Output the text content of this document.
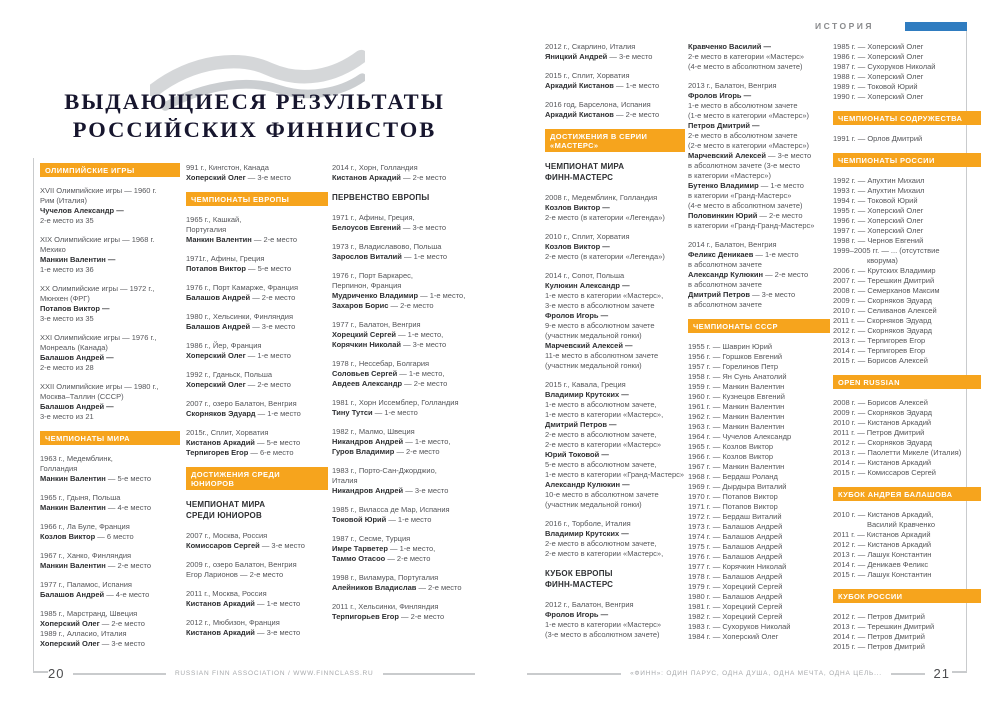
ИСТОРИЯ
ВЫДАЮЩИЕСЯ РЕЗУЛЬТАТЫ
РОССИЙСКИХ ФИННИСТОВ
ОЛИМПИЙСКИЕ ИГРЫ
XVII Олимпийские игры — 1960 г.
Рим (Италия)
Чучелов Александр —
2-е место из 35
XIX Олимпийские игры — 1968 г.
Мехико
Манкин Валентин —
1-е место из 36
XX Олимпийские игры — 1972 г.,
Мюнхен (ФРГ)
Потапов Виктор —
3-е место из 35
XXI Олимпийские игры — 1976 г.,
Монреаль (Канада)
Балашов Андрей —
2-е место из 28
XXII Олимпийские игры — 1980 г.,
Москва–Таллин (СССР)
Балашов Андрей —
3-е место из 21
ЧЕМПИОНАТЫ МИРА
1963 г., Медемблинк,
Голландия
Манкин Валентин — 5-е место
1965 г., Гдыня, Польша
Манкин Валентин — 4-е место
1966 г., Ла Буле, Франция
Козлов Виктор — 6 место
1967 г., Ханко, Финляндия
Манкин Валентин — 2-е место
1977 г., Паламос, Испания
Балашов Андрей — 4-е место
1985 г., Марстранд, Швеция
Хоперский Олег — 2-е место
1989 г., Алласио, Италия
Хоперский Олег — 3-е место
991 г., Кингстон, Канада
Хоперский Олег — 3-е место
ЧЕМПИОНАТЫ ЕВРОПЫ
1965 г., Кашкай,
Португалия
Манкин Валентин — 2-е место
1971г., Афины, Греция
Потапов Виктор — 5-е место
1976 г., Порт Камарже, Франция
Балашов Андрей — 2-е место
1980 г., Хельсинки, Финляндия
Балашов Андрей — 3-е место
1986 г., Йер, Франция
Хоперский Олег — 1-е место
1992 г., Гданьск, Польша
Хоперский Олег — 2-е место
2007 г., озеро Балатон, Венгрия
Скорняков Эдуард — 1-е место
2015г., Сплит, Хорватия
Кистанов Аркадий — 5-е место
Терпигорев Егор — 6-е место
ДОСТИЖЕНИЯ СРЕДИ ЮНИОРОВ
ЧЕМПИОНАТ МИРА
СРЕДИ ЮНИОРОВ
2007 г., Москва, Россия
Комиссаров Сергей — 3-е место
2009 г., озеро Балатон, Венгрия
Егор Ларионов — 2-е место
2011 г., Москва, Россия
Кистанов Аркадий — 1-е место
2012 г., Мюбизон, Франция
Кистанов Аркадий — 3-е место
2014 г., Хорн, Голландия
Кистанов Аркадий — 2-е место
ПЕРВЕНСТВО ЕВРОПЫ
1971 г., Афины, Греция,
Белоусов Евгений — 3-е место
1973 г., Владиславово, Польша
Зарослов Виталий — 1-е место
1976 г., Порт Баркарес,
Перпинон, Франция
Мудриченко Владимир — 1-е место,
Захаров Борис — 2-е место
1977 г., Балатон, Венгрия
Хорецкий Сергей — 1-е место,
Корячкин Николай — 3-е место
1978 г., Нессебар, Болгария
Соловьев Сергей — 1-е место,
Авдеев Александр — 2-е место
1981 г., Хорн Иссемблер, Голландия
Тину Тутси — 1-е место
1982 г., Малмо, Швеция
Никандров Андрей — 1-е место,
Гуров Владимир — 2-е место
1983 г., Порто-Сан-Джорджио,
Италия
Никандров Андрей — 3-е место
1985 г., Виласса де Мар, Испания
Токовой Юрий — 1-е место
1987 г., Сесме, Турция
Имре Тарветер — 1-е место,
Таммо Отасоо — 2-е место
1998 г., Виламура, Португалия
Алейников Владислав — 2-е место
2011 г., Хельсинки, Финляндия
Терпигорьев Егор — 2-е место
2012 г., Скарлино, Италия
Яницкий Андрей — 3-е место
2015 г., Сплит, Хорватия
Аркадий Кистанов — 1-е место
2016 год, Барселона, Испания
Аркадий Кистанов — 2-е место
ДОСТИЖЕНИЯ В СЕРИИ «МАСТЕРС»
ЧЕМПИОНАТ МИРА
ФИНН-МАСТЕРС
2008 г., Медемблинк, Голландия
Козлов Виктор —
2-е место (в категории «Легенда»)
2010 г., Сплит, Хорватия
Козлов Виктор —
2-е место (в категории «Легенда»)
2014 г., Сопот, Польша
Кулюкин Александр —
1-е место в категории «Мастерс»,
3-е место в абсолютном зачете
Фролов Игорь —
9-е место в абсолютном зачете
(участник медальной гонки)
Марчевский Алексей —
11-е место в абсолютном зачете
(участник медальной гонки)
2015 г., Кавала, Греция
Владимир Крутских —
1-е место в абсолютном зачете,
1-е место в категории «Мастерс»,
Дмитрий Петров —
2-е место в абсолютном зачете,
2-е место в категории «Мастерс»
Юрий Токовой —
5-е место в абсолютном зачете,
1-е место в категории «Гранд-Мастерс»
Александр Кулюкин —
10-е место в абсолютном зачете
(участник медальной гонки)
2016 г., Торболе, Италия
Владимир Крутских —
2-е место в абсолютном зачете,
2-е место в категории «Мастерс»,
КУБОК ЕВРОПЫ
ФИНН-МАСТЕРС
2012 г., Балатон, Венгрия
Фролов Игорь —
1-е место в категории «Мастерс»
(3-е место в абсолютном зачете)
Кравченко Василий —
2-е место в категории «Мастерс»
(4-е место в абсолютном зачете)
2013 г., Балатон, Венгрия
Фролов Игорь —
1-е место в абсолютном зачете
(1-е место в категории «Мастерс»)
Петров Дмитрий —
2-е место в абсолютном зачете
(2-е место в категории «Мастерс»)
Марчевский Алексей — 3-е место
в абсолютном зачете (3-е место
в категории «Мастерс»)
Бутенко Владимир — 1-е место
в категории «Гранд-Мастерс»
(4-е место в абсолютном зачете)
Половинкин Юрий — 2-е место
в категории «Гранд-Гранд-Мастерс»
2014 г., Балатон, Венгрия
Феликс Деникаев — 1-е место
в абсолютном зачете
Александр Кулюкин — 2-е место
в абсолютном зачете
Дмитрий Петров — 3-е место
в абсолютном зачете
ЧЕМПИОНАТЫ СССР
1955 г. — Шаврин Юрий
1956 г. — Горшков Евгений
1957 г. — Горелинов Петр
1958 г. — Ян Сунь Анатолий
1959 г. — Манкин Валентин
1960 г. — Кузнецов Евгений
1961 г. — Манкин Валентин
1962 г. — Манкин Валентин
1963 г. — Манкин Валентин
1964 г. — Чучелов Александр
1965 г. — Козлов Виктор
1966 г. — Козлов Виктор
1967 г. — Манкин Валентин
1968 г. — Бердаш Роланд
1969 г. — Дырдыра Виталий
1970 г. — Потапов Виктор
1971 г. — Потапов Виктор
1972 г. — Бердаш Виталий
1973 г. — Балашов Андрей
1974 г. — Балашов Андрей
1975 г. — Балашов Андрей
1976 г. — Балашов Андрей
1977 г. — Корячкин Николай
1978 г. — Балашов Андрей
1979 г. — Хорецкий Сергей
1980 г. — Балашов Андрей
1981 г. — Хорецкий Сергей
1982 г. — Хорецкий Сергей
1983 г. — Сухоруков Николай
1984 г. — Хоперский Олег
1985 г. — Хоперский Олег
1986 г. — Хоперский Олег
1987 г. — Сухоруков Николай
1988 г. — Хоперский Олег
1989 г. — Токовой Юрий
1990 г. — Хоперский Олег
ЧЕМПИОНАТЫ СОДРУЖЕСТВА
1991 г. — Орлов Дмитрий
ЧЕМПИОНАТЫ РОССИИ
1992 г. — Апухтин Михаил
1993 г. — Апухтин Михаил
1994 г. — Токовой Юрий
1995 г. — Хоперский Олег
1996 г. — Хоперский Олег
1997 г. — Хоперский Олег
1998 г. — Чернов Евгений
1999–2005 гг. — ... (отсутствие
кворума)
2006 г. — Крутских Владимир
2007 г. — Терешкин Дмитрий
2008 г. — Семерханов Максим
2009 г. — Скорняков Эдуард
2010 г. — Селиванов Алексей
2011 г. — Скорняков Эдуард
2012 г. — Скорняков Эдуард
2013 г. — Терпигорев Егор
2014 г. — Терпигорев Егор
2015 г. — Борисов Алексей
OPEN RUSSIAN
2008 г. — Борисов Алексей
2009 г. — Скорняков Эдуард
2010 г. — Кистанов Аркадий
2011 г. — Петров Дмитрий
2012 г. — Скорняков Эдуард
2013 г. — Паолетти Микеле (Италия)
2014 г. — Кистанов Аркадий
2015 г. — Комиссаров Сергей
КУБОК АНДРЕЯ БАЛАШОВА
2010 г. — Кистанов Аркадий,
Василий Кравченко
2011 г. — Кистанов Аркадий
2012 г. — Кистанов Аркадий
2013 г. — Лашук Константин
2014 г. — Деникаев Феликс
2015 г. — Лашук Константин
КУБОК РОССИИ
2012 г. — Петров Дмитрий
2013 г. — Терешкин Дмитрий
2014 г. — Петров Дмитрий
2015 г. — Петров Дмитрий
20	RUSSIAN FINN ASSOCIATION / WWW.FINNCLASS.RU	«ФИНН»: ОДИН ПАРУС, ОДНА ДУША, ОДНА МЕЧТА, ОДНА ЦЕЛЬ...	21
